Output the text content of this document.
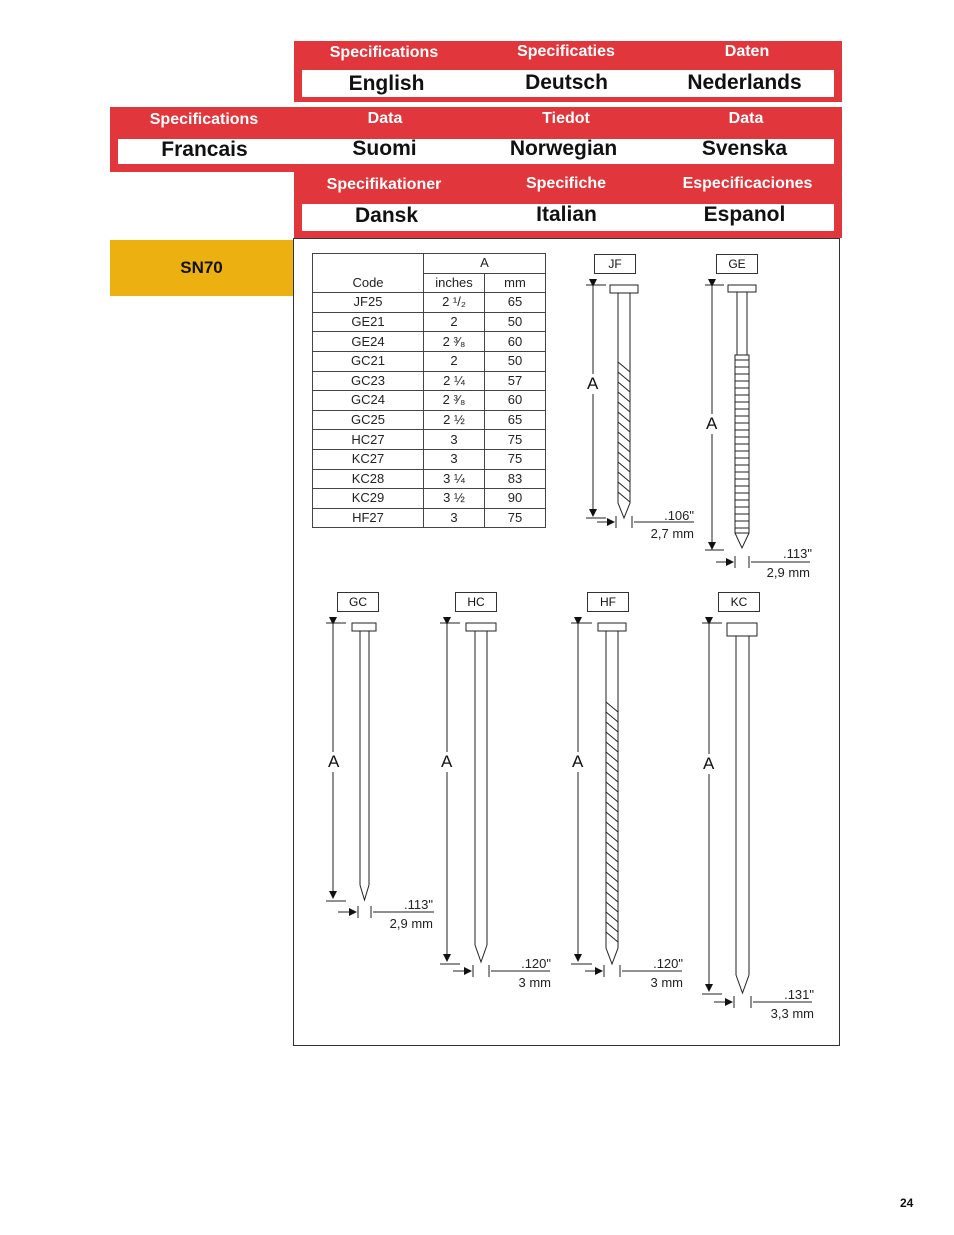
Specifications	Specificaties	Daten
English	Deutsch	Nederlands
Specifications	Data	Tiedot	Data
Francais	Suomi	Norwegian	Svenska
Specifikationer	Specifiche	Especificaciones
Dansk	Italian	Espanol
SN70
		A	
Code	inches	mm
JF25	2 ¹/₂	65
GE21	2	50
GE24	2 ³⁄₈	60
GC21	2	50
GC23	2 ¼	57
GC24	2 ³⁄₈	60
GC25	2 ½	65
HC27	3	75
KC27	3	75
KC28	3 ¼	83
KC29	3 ½	90
HF27	3	75
JF	GE
GC	HC	HF	KC
A
A
A	A	A	A
.106"
2,7 mm
.113"
2,9 mm
.113"
2,9 mm
.120"
3 mm
.120"
3 mm
.131"
3,3 mm
24
